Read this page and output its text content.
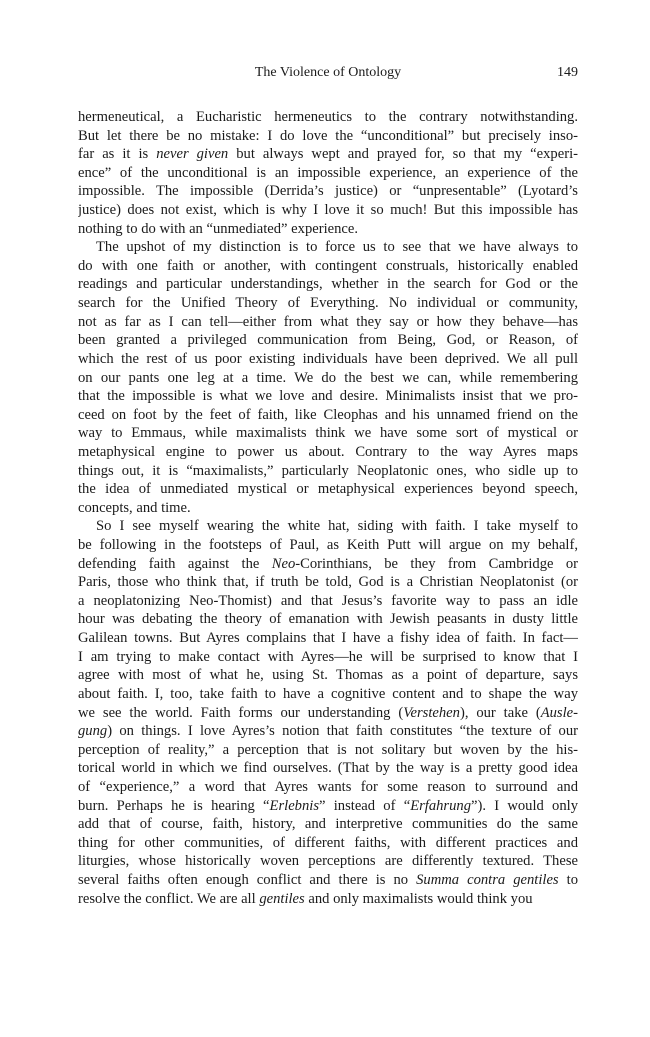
The Violence of Ontology	149
hermeneutical, a Eucharistic hermeneutics to the contrary notwithstanding.
But let there be no mistake: I do love the “unconditional” but precisely inso-
far as it is never given but always wept and prayed for, so that my “experi-
ence” of the unconditional is an impossible experience, an experience of the
impossible. The impossible (Derrida’s justice) or “unpresentable” (Lyotard’s
justice) does not exist, which is why I love it so much! But this impossible has
nothing to do with an “unmediated” experience.
The upshot of my distinction is to force us to see that we have always to
do with one faith or another, with contingent construals, historically enabled
readings and particular understandings, whether in the search for God or the
search for the Unified Theory of Everything. No individual or community,
not as far as I can tell—either from what they say or how they behave—has
been granted a privileged communication from Being, God, or Reason, of
which the rest of us poor existing individuals have been deprived. We all pull
on our pants one leg at a time. We do the best we can, while remembering
that the impossible is what we love and desire. Minimalists insist that we pro-
ceed on foot by the feet of faith, like Cleophas and his unnamed friend on the
way to Emmaus, while maximalists think we have some sort of mystical or
metaphysical engine to power us about. Contrary to the way Ayres maps
things out, it is “maximalists,” particularly Neoplatonic ones, who sidle up to
the idea of unmediated mystical or metaphysical experiences beyond speech,
concepts, and time.
So I see myself wearing the white hat, siding with faith. I take myself to
be following in the footsteps of Paul, as Keith Putt will argue on my behalf,
defending faith against the Neo-Corinthians, be they from Cambridge or
Paris, those who think that, if truth be told, God is a Christian Neoplatonist (or
a neoplatonizing Neo-Thomist) and that Jesus’s favorite way to pass an idle
hour was debating the theory of emanation with Jewish peasants in dusty little
Galilean towns. But Ayres complains that I have a fishy idea of faith. In fact—
I am trying to make contact with Ayres—he will be surprised to know that I
agree with most of what he, using St. Thomas as a point of departure, says
about faith. I, too, take faith to have a cognitive content and to shape the way
we see the world. Faith forms our understanding (Verstehen), our take (Ausle-
gung) on things. I love Ayres’s notion that faith constitutes “the texture of our
perception of reality,” a perception that is not solitary but woven by the his-
torical world in which we find ourselves. (That by the way is a pretty good idea
of “experience,” a word that Ayres wants for some reason to surround and
burn. Perhaps he is hearing “Erlebnis” instead of “Erfahrung”). I would only
add that of course, faith, history, and interpretive communities do the same
thing for other communities, of different faiths, with different practices and
liturgies, whose historically woven perceptions are differently textured. These
several faiths often enough conflict and there is no Summa contra gentiles to
resolve the conflict. We are all gentiles and only maximalists would think you
